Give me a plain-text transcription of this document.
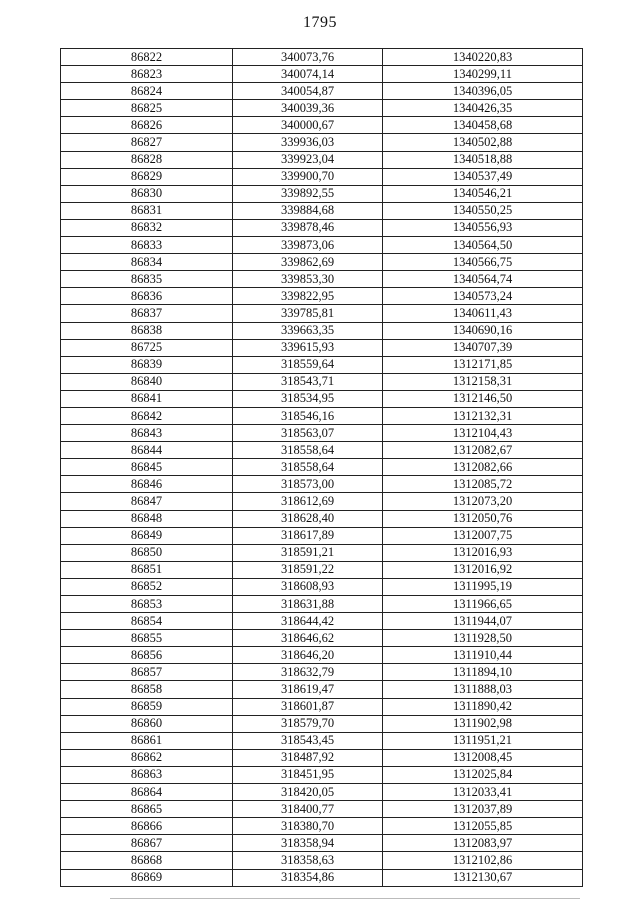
1795
86822	340073,76	1340220,83
86823	340074,14	1340299,11
86824	340054,87	1340396,05
86825	340039,36	1340426,35
86826	340000,67	1340458,68
86827	339936,03	1340502,88
86828	339923,04	1340518,88
86829	339900,70	1340537,49
86830	339892,55	1340546,21
86831	339884,68	1340550,25
86832	339878,46	1340556,93
86833	339873,06	1340564,50
86834	339862,69	1340566,75
86835	339853,30	1340564,74
86836	339822,95	1340573,24
86837	339785,81	1340611,43
86838	339663,35	1340690,16
86725	339615,93	1340707,39
86839	318559,64	1312171,85
86840	318543,71	1312158,31
86841	318534,95	1312146,50
86842	318546,16	1312132,31
86843	318563,07	1312104,43
86844	318558,64	1312082,67
86845	318558,64	1312082,66
86846	318573,00	1312085,72
86847	318612,69	1312073,20
86848	318628,40	1312050,76
86849	318617,89	1312007,75
86850	318591,21	1312016,93
86851	318591,22	1312016,92
86852	318608,93	1311995,19
86853	318631,88	1311966,65
86854	318644,42	1311944,07
86855	318646,62	1311928,50
86856	318646,20	1311910,44
86857	318632,79	1311894,10
86858	318619,47	1311888,03
86859	318601,87	1311890,42
86860	318579,70	1311902,98
86861	318543,45	1311951,21
86862	318487,92	1312008,45
86863	318451,95	1312025,84
86864	318420,05	1312033,41
86865	318400,77	1312037,89
86866	318380,70	1312055,85
86867	318358,94	1312083,97
86868	318358,63	1312102,86
86869	318354,86	1312130,67
